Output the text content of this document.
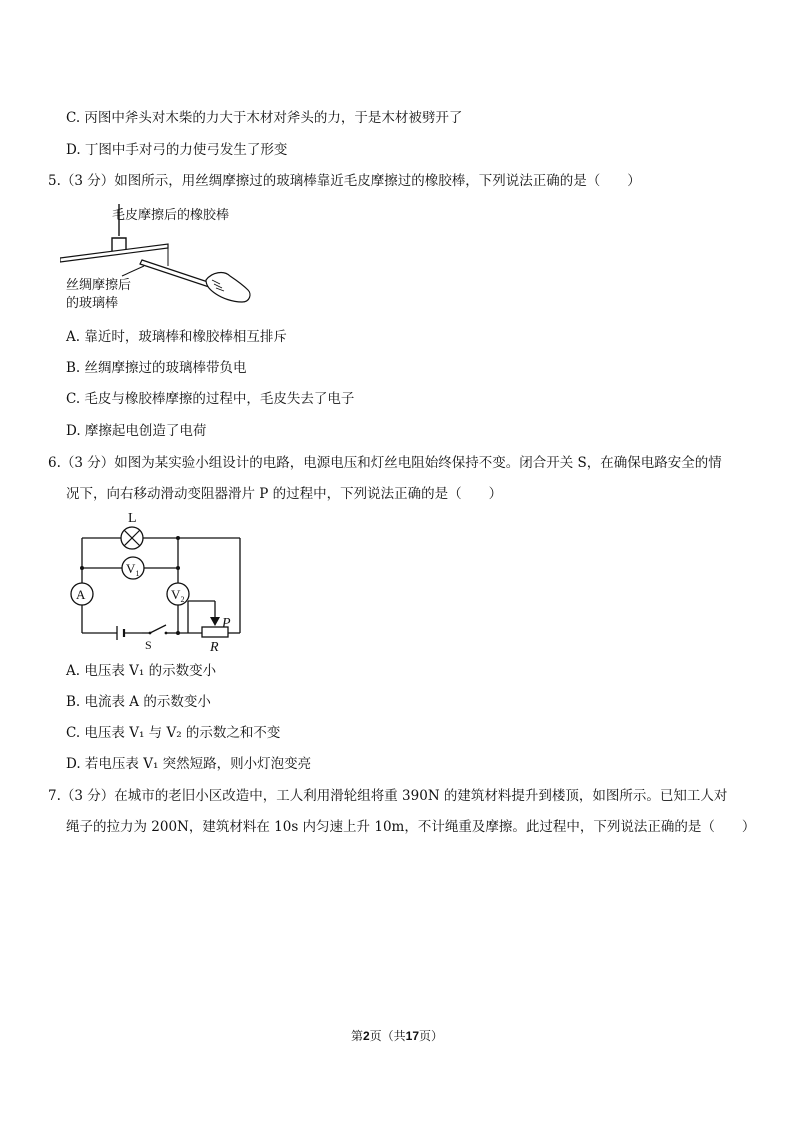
C. 丙图中斧头对木柴的力大于木材对斧头的力，于是木材被劈开了
D. 丁图中手对弓的力使弓发生了形变
5.（3 分）如图所示，用丝绸摩擦过的玻璃棒靠近毛皮摩擦过的橡胶棒，下列说法正确的是（　　）
毛皮摩擦后的橡胶棒
丝绸摩擦后
的玻璃棒
A. 靠近时，玻璃棒和橡胶棒相互排斥
B. 丝绸摩擦过的玻璃棒带负电
C. 毛皮与橡胶棒摩擦的过程中，毛皮失去了电子
D. 摩擦起电创造了电荷
6.（3 分）如图为某实验小组设计的电路，电源电压和灯丝电阻始终保持不变。闭合开关 S，在确保电路安全的情
况下，向右移动滑动变阻器滑片 P 的过程中，下列说法正确的是（　　）
L
V 1
A	V 2
S
P
R
A. 电压表 V₁ 的示数变小
B. 电流表 A 的示数变小
C. 电压表 V₁ 与 V₂ 的示数之和不变
D. 若电压表 V₁ 突然短路，则小灯泡变亮
7.（3 分）在城市的老旧小区改造中，工人利用滑轮组将重 390N 的建筑材料提升到楼顶，如图所示。已知工人对
绳子的拉力为 200N，建筑材料在 10s 内匀速上升 10m，不计绳重及摩擦。此过程中，下列说法正确的是（　　）
第2页（共17页）
